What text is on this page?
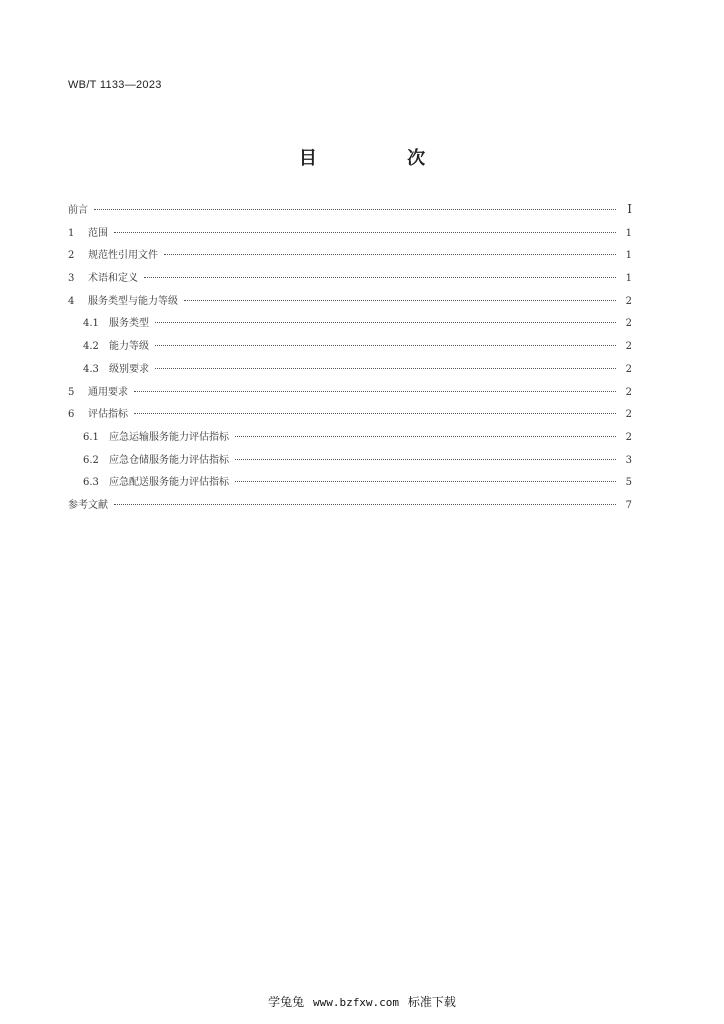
WB/T 1133—2023
目 次
前言	I
1	范围	1
2	规范性引用文件	1
3	术语和定义	1
4	服务类型与能力等级	2
4.1	服务类型	2
4.2	能力等级	2
4.3	级别要求	2
5	通用要求	2
6	评估指标	2
6.1	应急运输服务能力评估指标	2
6.2	应急仓储服务能力评估指标	3
6.3	应急配送服务能力评估指标	5
参考文献	7
学兔兔 www.bzfxw.com 标准下载
